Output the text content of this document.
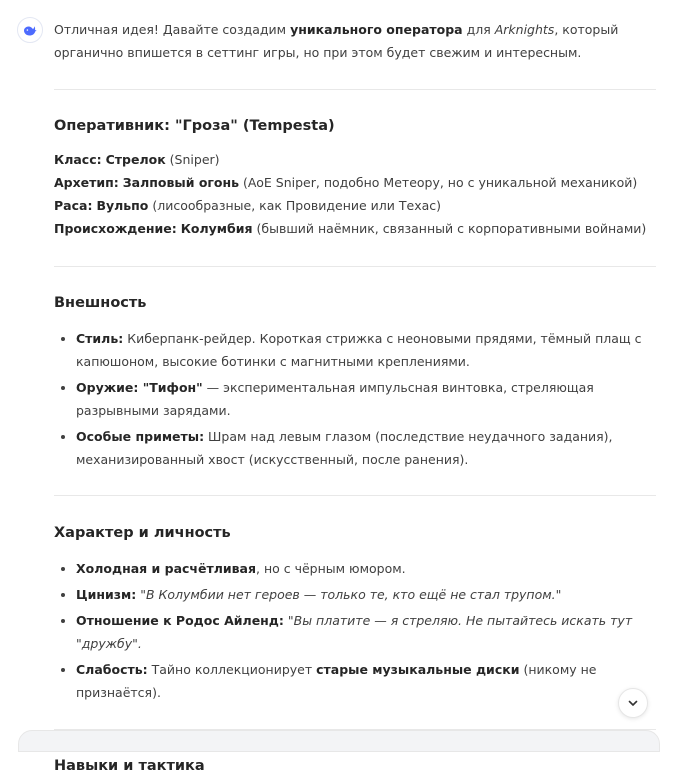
Отличная идея! Давайте создадим уникального оператора для Arknights, который органично впишется в сеттинг игры, но при этом будет свежим и интересным.

Оперативник: "Гроза" (Tempesta)

Класс: Стрелок (Sniper)

Архетип: Залповый огонь (AoE Sniper, подобно Метеору, но с уникальной механикой)

Раса: Вульпо (лисообразные, как Провидение или Техас)

Происхождение: Колумбия (бывший наёмник, связанный с корпоративными войнами)

Внешность
Стиль: Киберпанк-рейдер. Короткая стрижка с неоновыми прядями, тёмный плащ с капюшоном, высокие ботинки с магнитными креплениями.
Оружие: "Тифон" — экспериментальная импульсная винтовка, стреляющая разрывными зарядами.
Особые приметы: Шрам над левым глазом (последствие неудачного задания), механизированный хвост (искусственный, после ранения).
Характер и личность
Холодная и расчётливая, но с чёрным юмором.
Цинизм: "В Колумбии нет героев — только те, кто ещё не стал трупом."
Отношение к Родос Айленд: "Вы платите — я стреляю. Не пытайтесь искать тут "дружбу".
Слабость: Тайно коллекционирует старые музыкальные диски (никому не признаётся).
Навыки и тактика
